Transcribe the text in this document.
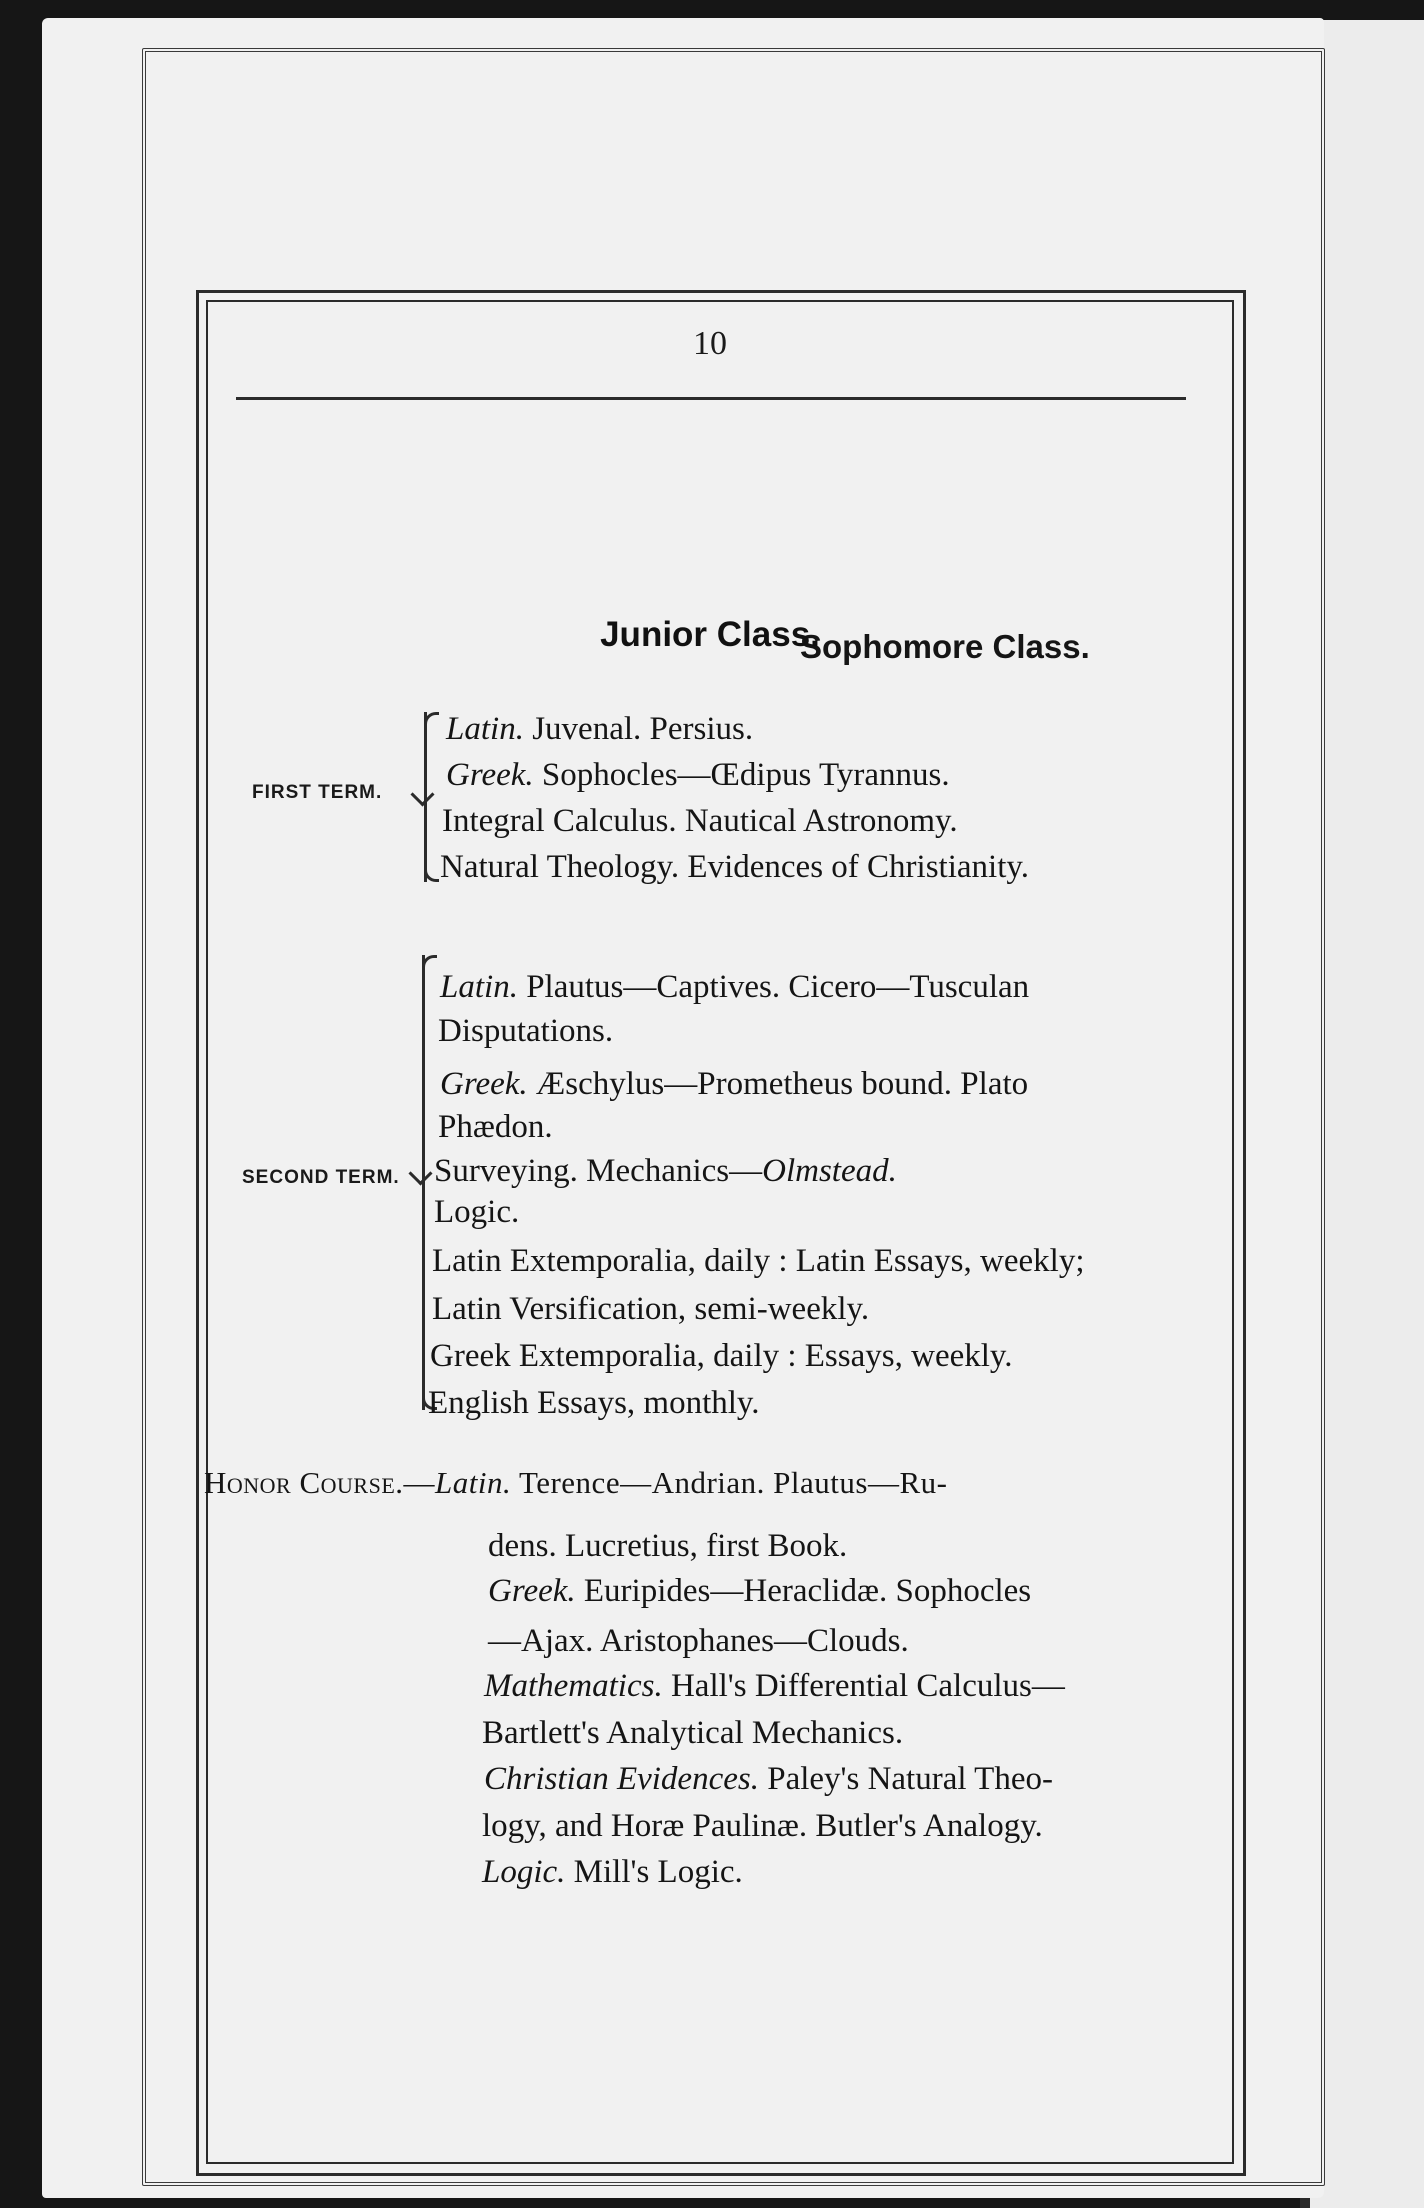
10
Sophomore Class.
Junior Class.
FIRST TERM.
Latin. Juvenal. Persius.
Greek. Sophocles—Œdipus Tyrannus.
Integral Calculus. Nautical Astronomy.
Natural Theology. Evidences of Christianity.
SECOND TERM.
Latin. Plautus—Captives. Cicero—Tusculan
Disputations.
Greek. Æschylus—Prometheus bound. Plato
Phædon.
Surveying. Mechanics—Olmstead.
Logic.
Latin Extemporalia, daily : Latin Essays, weekly;
Latin Versification, semi-weekly.
Greek Extemporalia, daily : Essays, weekly.
English Essays, monthly.
Honor Course.—Latin. Terence—Andrian. Plautus—Ru-
dens. Lucretius, first Book.
Greek. Euripides—Heraclidæ. Sophocles
—Ajax. Aristophanes—Clouds.
Mathematics. Hall's Differential Calculus—
Bartlett's Analytical Mechanics.
Christian Evidences. Paley's Natural Theo-
logy, and Horæ Paulinæ. Butler's Analogy.
Logic. Mill's Logic.
